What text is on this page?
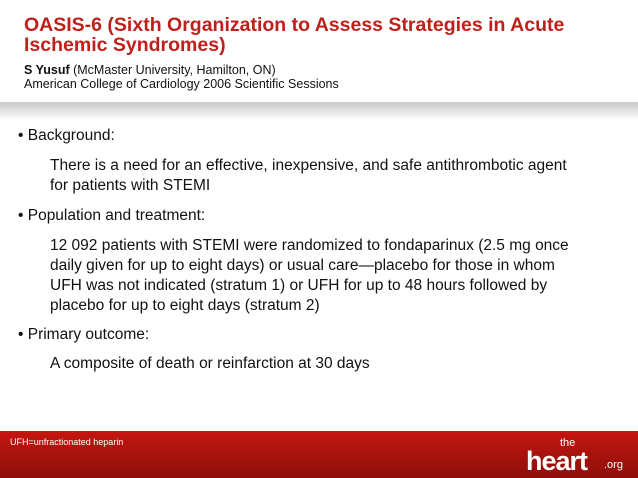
OASIS-6 (Sixth Organization to Assess Strategies in Acute Ischemic Syndromes)
S Yusuf (McMaster University, Hamilton, ON)
American College of Cardiology 2006 Scientific Sessions
• Background:
There is a need for an effective, inexpensive, and safe antithrombotic agent for patients with STEMI
• Population and treatment:
12 092 patients with STEMI were randomized to fondaparinux (2.5 mg once daily given for up to eight days) or usual care—placebo for those in whom UFH was not indicated (stratum 1) or UFH for up to 48 hours followed by placebo for up to eight days (stratum 2)
• Primary outcome:
A composite of death or reinfarction at 30 days
UFH=unfractionated heparin	the
heart .org
